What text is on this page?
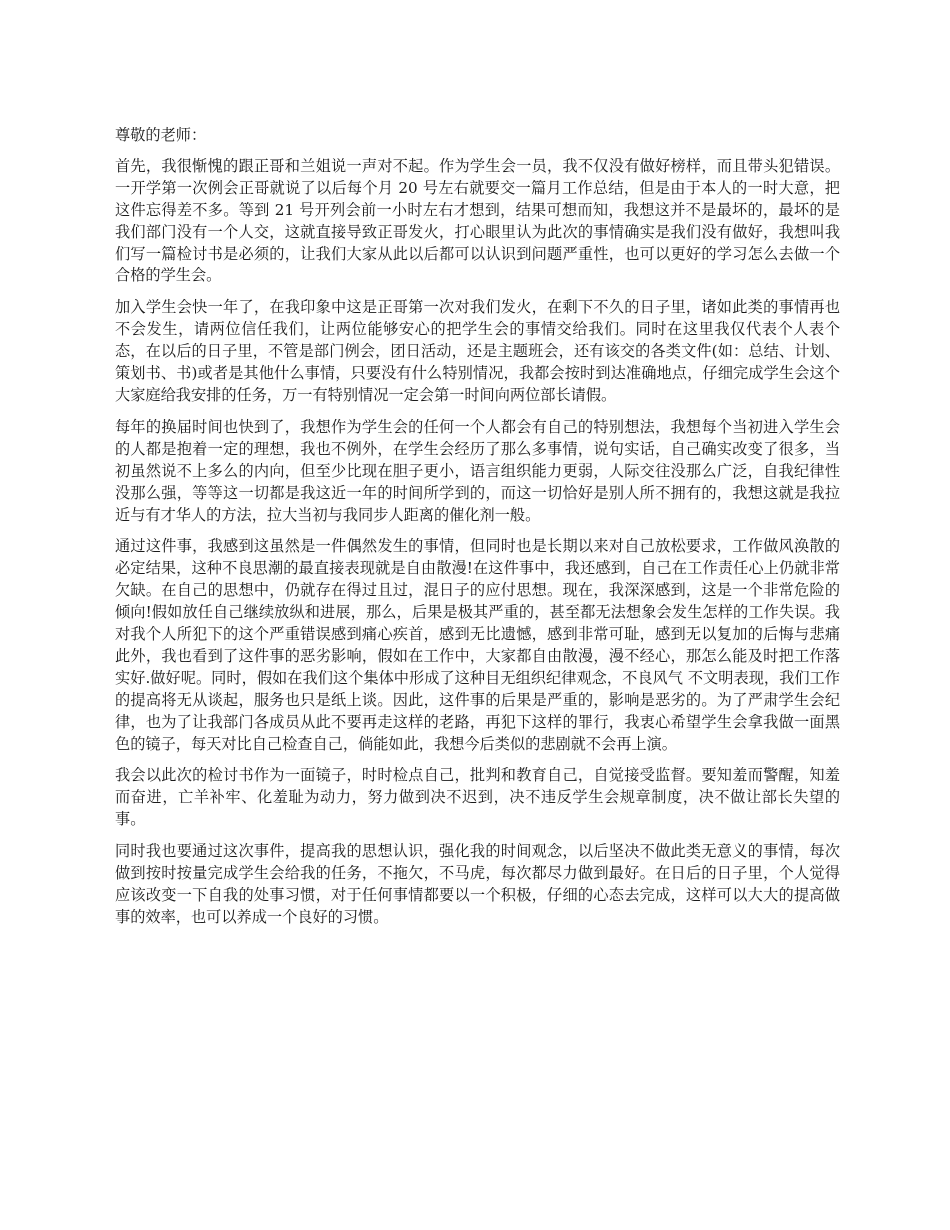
尊敬的老师：

首先，我很惭愧的跟正哥和兰姐说一声对不起。作为学生会一员，我不仅没有做好榜样，而且带头犯错误。一开学第一次例会正哥就说了以后每个月 20 号左右就要交一篇月工作总结，但是由于本人的一时大意，把这件忘得差不多。等到 21 号开列会前一小时左右才想到，结果可想而知，我想这并不是最坏的，最坏的是我们部门没有一个人交，这就直接导致正哥发火，打心眼里认为此次的事情确实是我们没有做好，我想叫我们写一篇检讨书是必须的，让我们大家从此以后都可以认识到问题严重性，也可以更好的学习怎么去做一个合格的学生会。

加入学生会快一年了，在我印象中这是正哥第一次对我们发火，在剩下不久的日子里，诸如此类的事情再也不会发生，请两位信任我们，让两位能够安心的把学生会的事情交给我们。同时在这里我仅代表个人表个态，在以后的日子里，不管是部门例会，团日活动，还是主题班会，还有该交的各类文件(如：总结、计划、策划书、书)或者是其他什么事情，只要没有什么特别情况，我都会按时到达准确地点，仔细完成学生会这个大家庭给我安排的任务，万一有特别情况一定会第一时间向两位部长请假。

每年的换届时间也快到了，我想作为学生会的任何一个人都会有自己的特别想法，我想每个当初进入学生会的人都是抱着一定的理想，我也不例外，在学生会经历了那么多事情，说句实话，自己确实改变了很多，当初虽然说不上多么的内向，但至少比现在胆子更小，语言组织能力更弱，人际交往没那么广泛，自我纪律性没那么强，等等这一切都是我这近一年的时间所学到的，而这一切恰好是别人所不拥有的，我想这就是我拉近与有才华人的方法，拉大当初与我同步人距离的催化剂一般。

通过这件事，我感到这虽然是一件偶然发生的事情，但同时也是长期以来对自己放松要求，工作做风涣散的必定结果，这种不良思潮的最直接表现就是自由散漫!在这件事中，我还感到，自己在工作责任心上仍就非常欠缺。在自己的思想中，仍就存在得过且过，混日子的应付思想。现在，我深深感到，这是一个非常危险的倾向!假如放任自己继续放纵和进展，那么，后果是极其严重的，甚至都无法想象会发生怎样的工作失误。我对我个人所犯下的这个严重错误感到痛心疾首，感到无比遗憾，感到非常可耻，感到无以复加的后悔与悲痛此外，我也看到了这件事的恶劣影响，假如在工作中，大家都自由散漫，漫不经心，那怎么能及时把工作落实好.做好呢。同时，假如在我们这个集体中形成了这种目无组织纪律观念，不良风气 不文明表现，我们工作的提高将无从谈起，服务也只是纸上谈。因此，这件事的后果是严重的，影响是恶劣的。为了严肃学生会纪律，也为了让我部门各成员从此不要再走这样的老路，再犯下这样的罪行，我衷心希望学生会拿我做一面黑色的镜子，每天对比自己检查自己，倘能如此，我想今后类似的悲剧就不会再上演。

我会以此次的检讨书作为一面镜子，时时检点自己，批判和教育自己，自觉接受监督。要知羞而警醒，知羞而奋进，亡羊补牢、化羞耻为动力，努力做到决不迟到，决不违反学生会规章制度，决不做让部长失望的事。

同时我也要通过这次事件，提高我的思想认识，强化我的时间观念，以后坚决不做此类无意义的事情，每次做到按时按量完成学生会给我的任务，不拖欠，不马虎，每次都尽力做到最好。在日后的日子里，个人觉得应该改变一下自我的处事习惯，对于任何事情都要以一个积极，仔细的心态去完成，这样可以大大的提高做事的效率，也可以养成一个良好的习惯。
